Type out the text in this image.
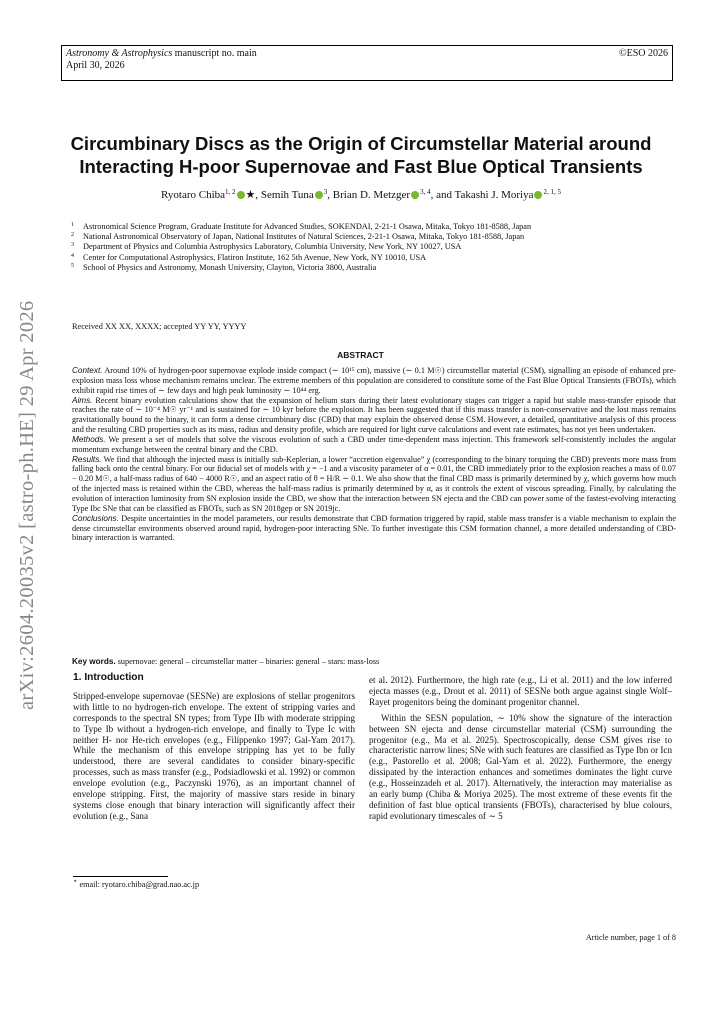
Astronomy & Astrophysics manuscript no. main
April 30, 2026
©ESO 2026
arXiv:2604.20035v2 [astro-ph.HE] 29 Apr 2026
Circumbinary Discs as the Origin of Circumstellar Material around
Interacting H-poor Supernovae and Fast Blue Optical Transients
Ryotaro Chiba$^{1, 2}$ ★, Semih Tuna $^3$, Brian D. Metzger $^{3, 4}$, and Takashi J. Moriya $^{2, 1, 5}$
1 Astronomical Science Program, Graduate Institute for Advanced Studies, SOKENDAI, 2-21-1 Osawa, Mitaka, Tokyo 181-8588, Japan
2 National Astronomical Observatory of Japan, National Institutes of Natural Sciences, 2-21-1 Osawa, Mitaka, Tokyo 181-8588, Japan
3 Department of Physics and Columbia Astrophysics Laboratory, Columbia University, New York, NY 10027, USA
4 Center for Computational Astrophysics, Flatiron Institute, 162 5th Avenue, New York, NY 10010, USA
5 School of Physics and Astronomy, Monash University, Clayton, Victoria 3800, Australia
Received XX XX, XXXX; accepted YY YY, YYYY
ABSTRACT

Context. Around 10% of hydrogen-poor supernovae explode inside compact (∼ 10¹⁵ cm), massive (∼ 0.1 M☉) circumstellar material (CSM), signalling an episode of enhanced pre-explosion mass loss whose mechanism remains unclear. The extreme members of this population are considered to constitute some of the Fast Blue Optical Transients (FBOTs), which exhibit rapid rise times of ∼ few days and high peak luminosity ∼ 10⁴⁴ erg.

Aims. Recent binary evolution calculations show that the expansion of helium stars during their latest evolutionary stages can trigger a rapid but stable mass-transfer episode that reaches the rate of ∼ 10⁻⁴ M☉ yr⁻¹ and is sustained for ∼ 10 kyr before the explosion. It has been suggested that if this mass transfer is non-conservative and the lost mass remains gravitationally bound to the binary, it can form a dense circumbinary disc (CBD) that may explain the observed dense CSM. However, a detailed, quantitative analysis of this process and the resulting CBD properties such as its mass, radius and density profile, which are required for light curve calculations and event rate estimates, has not yet been undertaken.

Methods. We present a set of models that solve the viscous evolution of such a CBD under time-dependent mass injection. This framework self-consistently includes the angular momentum exchange between the central binary and the CBD.

Results. We find that although the injected mass is initially sub-Keplerian, a lower “accretion eigenvalue” χ (corresponding to the binary torquing the CBD) prevents more mass from falling back onto the central binary. For our fiducial set of models with χ = −1 and a viscosity parameter of α = 0.01, the CBD immediately prior to the explosion reaches a mass of 0.07 − 0.20 M☉, a half-mass radius of 640 − 4000 R☉, and an aspect ratio of θ = H/R ∼ 0.1. We also show that the final CBD mass is primarily determined by χ, which governs how much of the injected mass is retained within the CBD, whereas the half-mass radius is primarily determined by α, as it controls the extent of viscous spreading. Finally, by calculating the evolution of interaction luminosity from SN explosion inside the CBD, we show that the interaction between SN ejecta and the CBD can power some of the fastest-evolving interacting Type Ibc SNe that can be classified as FBOTs, such as SN 2018gep or SN 2019jc.

Conclusions. Despite uncertainties in the model parameters, our results demonstrate that CBD formation triggered by rapid, stable mass transfer is a viable mechanism to explain the dense circumstellar environments observed around rapid, hydrogen-poor interacting SNe. To further investigate this CSM formation channel, a more detailed understanding of CBD-binary interaction is warranted.

Key words. supernovae: general – circumstellar matter – binaries: general – stars: mass-loss
1. Introduction

Stripped-envelope supernovae (SESNe) are explosions of stellar progenitors with little to no hydrogen-rich envelope. The extent of stripping varies and corresponds to the spectral SN types; from Type IIb with moderate stripping to Type Ib without a hydrogen-rich envelope, and finally to Type Ic with neither H- nor He-rich envelopes (e.g., Filippenko 1997; Gal-Yam 2017). While the mechanism of this envelope stripping has yet to be fully understood, there are several candidates to consider binary-specific processes, such as mass transfer (e.g., Podsiadlowski et al. 1992) or common envelope evolution (e.g., Paczynski 1976), as an important channel of envelope stripping. First, the majority of massive stars reside in binary systems close enough that binary interaction will significantly affect their evolution (e.g., Sana

et al. 2012). Furthermore, the high rate (e.g., Li et al. 2011) and the low inferred ejecta masses (e.g., Drout et al. 2011) of SESNe both argue against single Wolf–Rayet progenitors being the dominant progenitor channel.

Within the SESN population, ∼ 10% show the signature of the interaction between SN ejecta and dense circumstellar material (CSM) surrounding the progenitor (e.g., Ma et al. 2025). Spectroscopically, dense CSM gives rise to characteristic narrow lines; SNe with such features are classified as Type Ibn or Icn (e.g., Pastorello et al. 2008; Gal-Yam et al. 2022). Furthermore, the energy dissipated by the interaction enhances and sometimes dominates the light curve (e.g., Hosseinzadeh et al. 2017). Alternatively, the interaction may materialise as an early bump (Chiba & Moriya 2025). The most extreme of these events fit the definition of fast blue optical transients (FBOTs), characterised by blue colours, rapid evolutionary timescales of ∼ 5

⋆ email: ryotaro.chiba@grad.nao.ac.jp
Article number, page 1 of 8
